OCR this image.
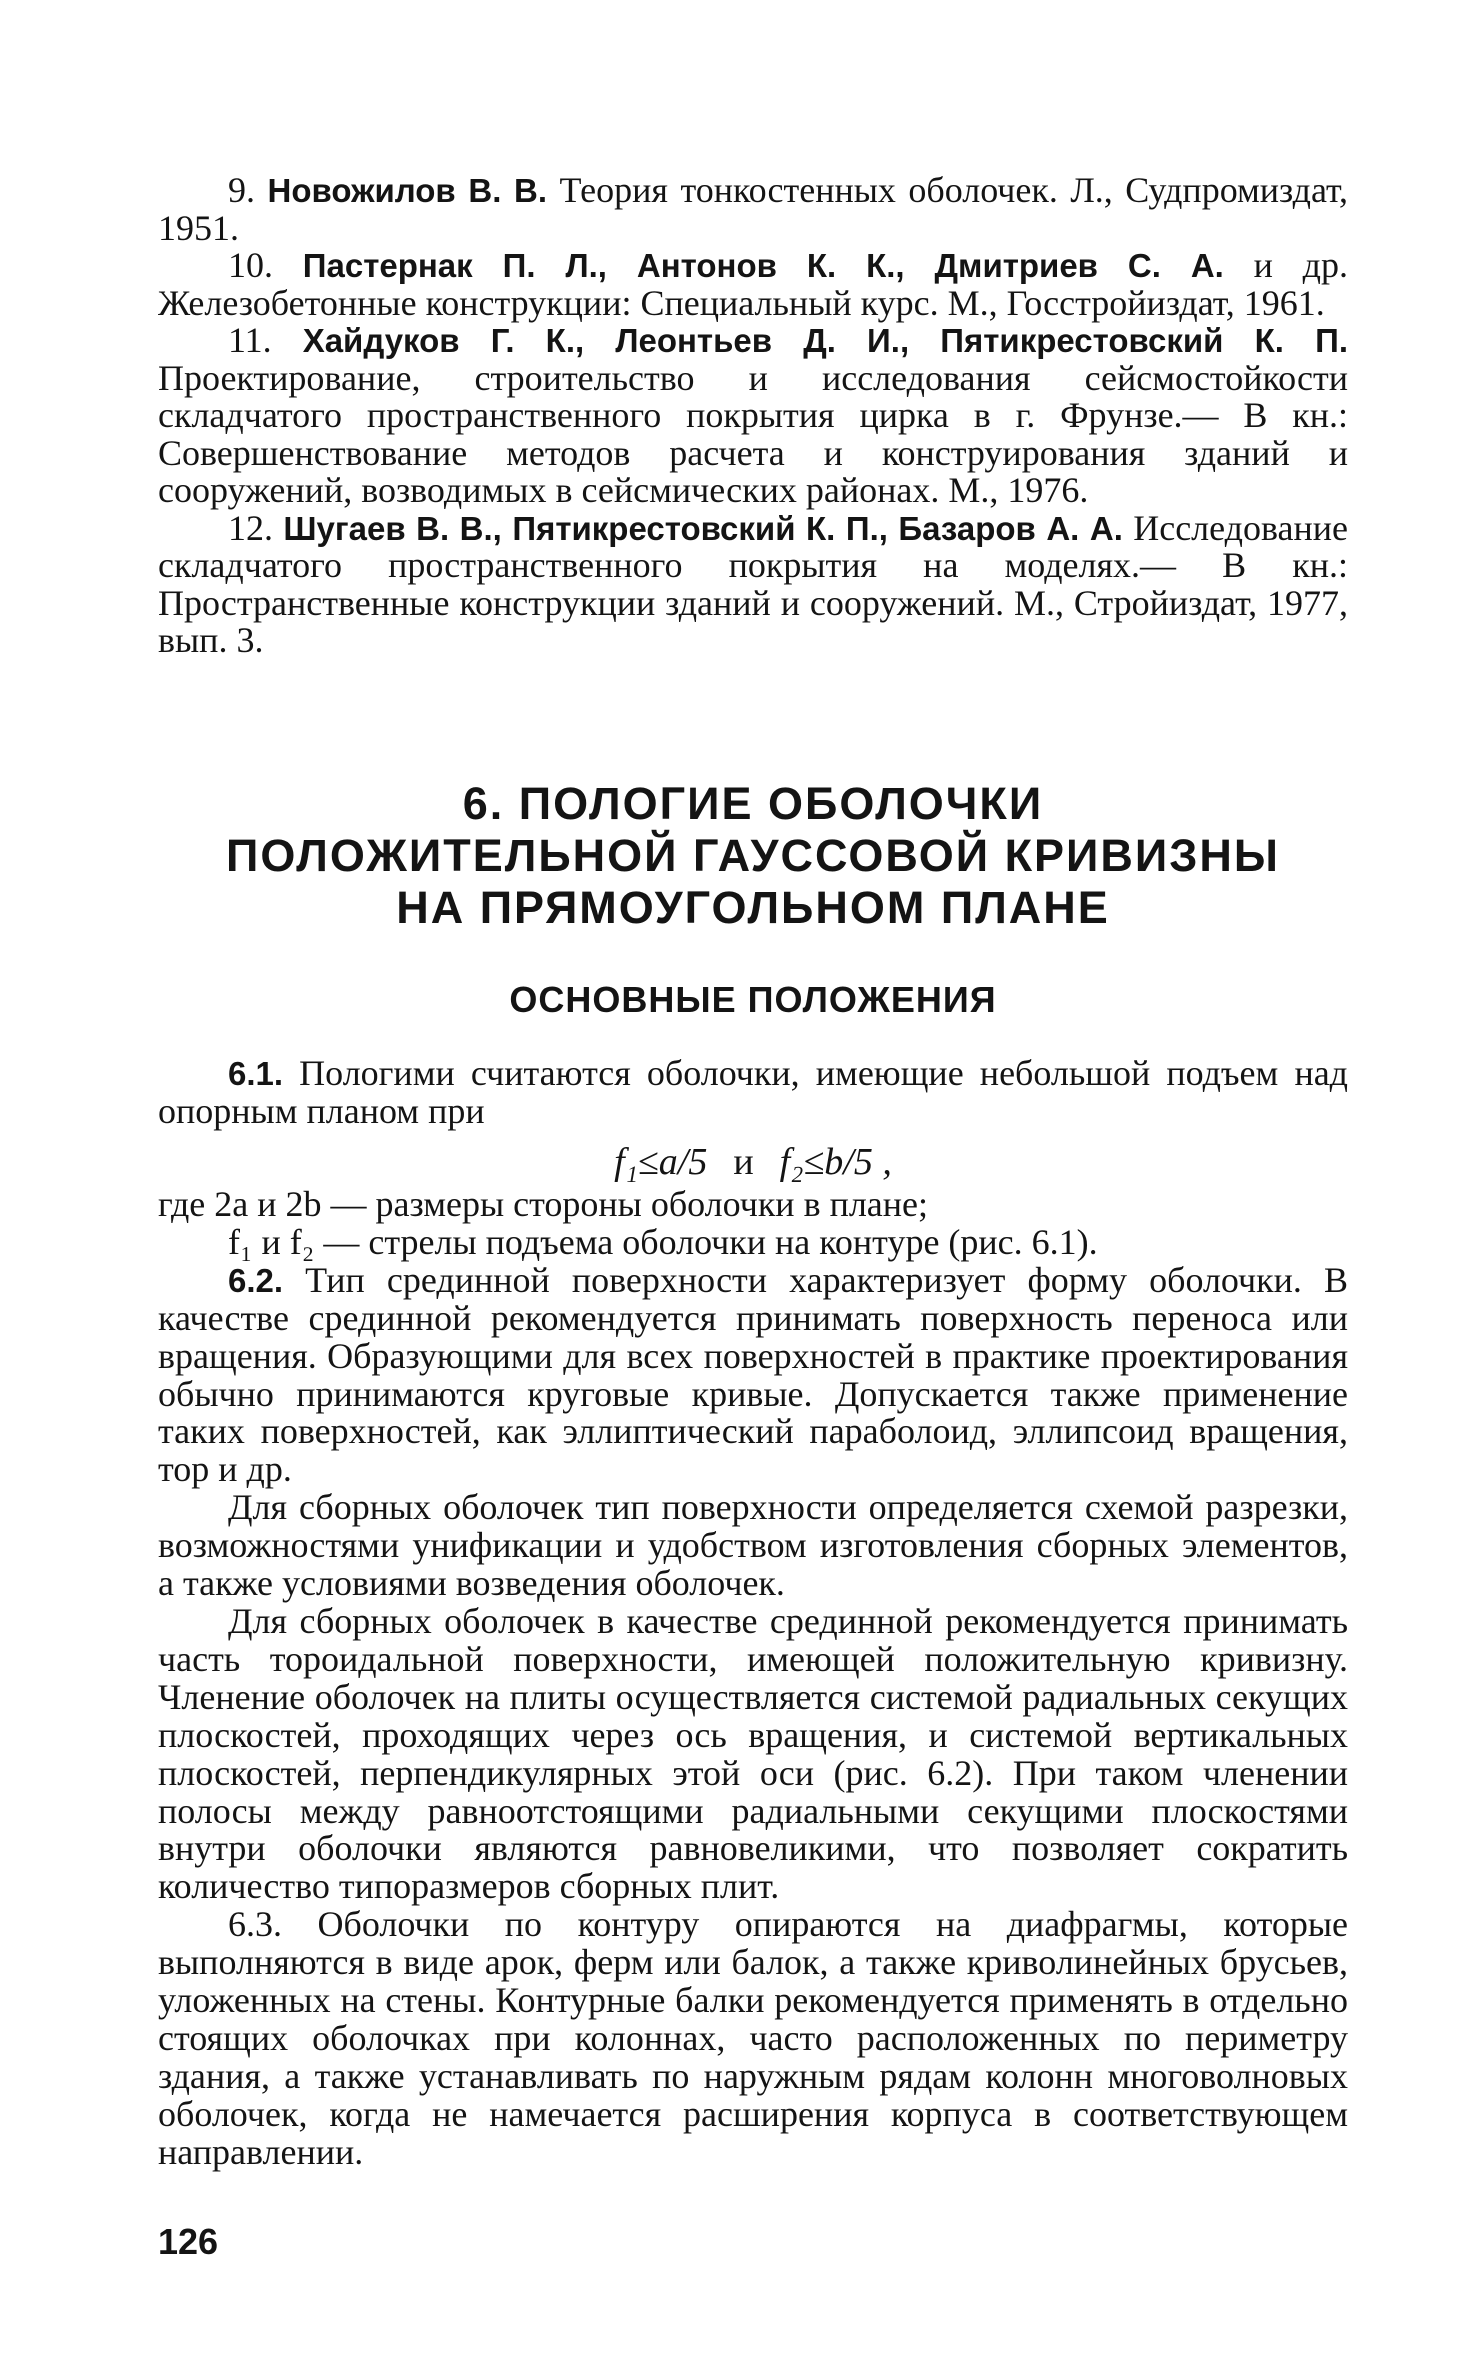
9. Новожилов В. В. Теория тонкостенных оболочек. Л., Судпромиздат, 1951.

10. Пастернак П. Л., Антонов К. К., Дмитриев С. А. и др. Железобетонные конструкции: Специальный курс. М., Госстройиздат, 1961.

11. Хайдуков Г. К., Леонтьев Д. И., Пятикрестовский К. П. Проектирование, строительство и исследования сейсмостойкости складчатого пространственного покрытия цирка в г. Фрунзе.— В кн.: Совершенствование методов расчета и конструирования зданий и сооружений, возводимых в сейсмических районах. М., 1976.

12. Шугаев В. В., Пятикрестовский К. П., Базаров А. А. Исследование складчатого пространственного покрытия на моделях.— В кн.: Пространственные конструкции зданий и сооружений. М., Стройиздат, 1977, вып. 3.

6. ПОЛОГИЕ ОБОЛОЧКИ
ПОЛОЖИТЕЛЬНОЙ ГАУССОВОЙ КРИВИЗНЫ
НА ПРЯМОУГОЛЬНОМ ПЛАНЕ
ОСНОВНЫЕ ПОЛОЖЕНИЯ

6.1. Пологими считаются оболочки, имеющие небольшой подъем над опорным планом при

f₁≤a/5 и f₂≤b/5 ,

где 2a и 2b — размеры стороны оболочки в плане;

f₁ и f₂ — стрелы подъема оболочки на контуре (рис. 6.1).

6.2. Тип срединной поверхности характеризует форму оболочки. В качестве срединной рекомендуется принимать поверхность переноса или вращения. Образующими для всех поверхностей в практике проектирования обычно принимаются круговые кривые. Допускается также применение таких поверхностей, как эллиптический параболоид, эллипсоид вращения, тор и др.

Для сборных оболочек тип поверхности определяется схемой разрезки, возможностями унификации и удобством изготовления сборных элементов, а также условиями возведения оболочек.

Для сборных оболочек в качестве срединной рекомендуется принимать часть тороидальной поверхности, имеющей положительную кривизну. Членение оболочек на плиты осуществляется системой радиальных секущих плоскостей, проходящих через ось вращения, и системой вертикальных плоскостей, перпендикулярных этой оси (рис. 6.2). При таком членении полосы между равноотстоящими радиальными секущими плоскостями внутри оболочки являются равновеликими, что позволяет сократить количество типоразмеров сборных плит.

6.3. Оболочки по контуру опираются на диафрагмы, которые выполняются в виде арок, ферм или балок, а также криволинейных брусьев, уложенных на стены. Контурные балки рекомендуется применять в отдельно стоящих оболочках при колоннах, часто расположенных по периметру здания, а также устанавливать по наружным рядам колонн многоволновых оболочек, когда не намечается расширения корпуса в соответствующем направлении.

126
